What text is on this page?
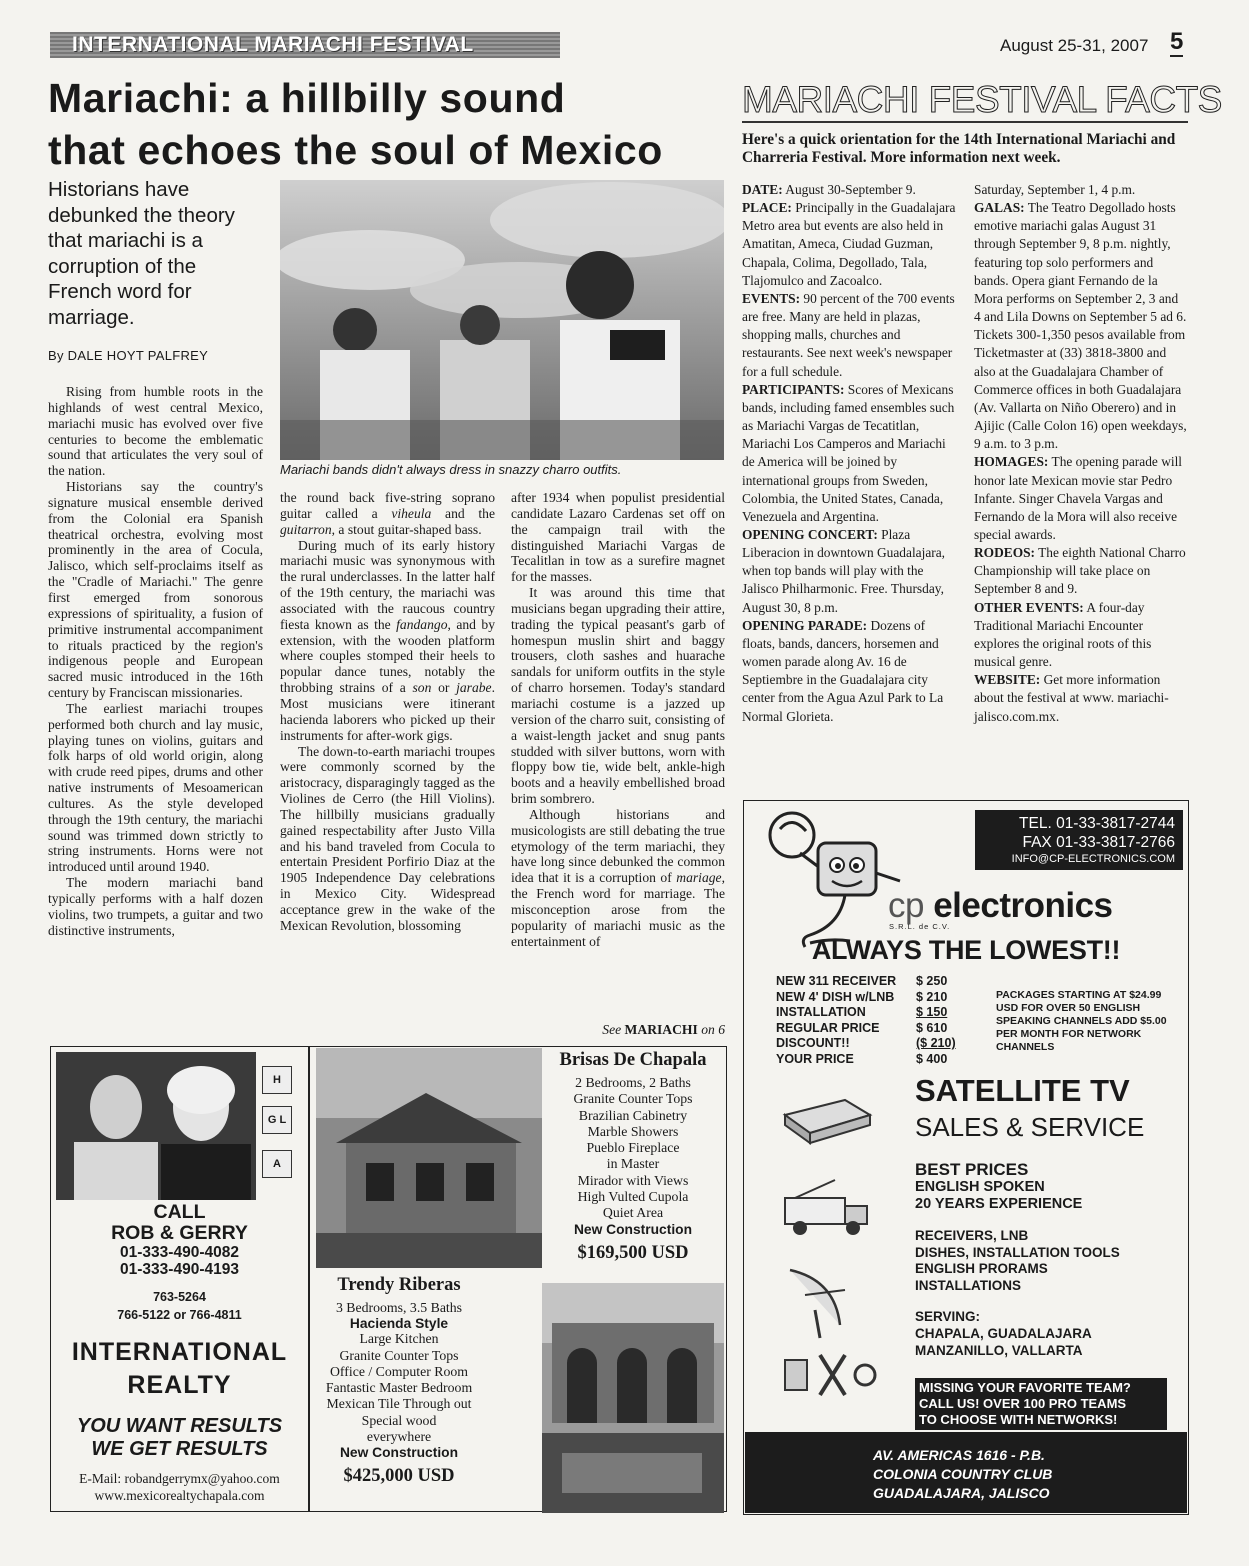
INTERNATIONAL MARIACHI FESTIVAL	August 25-31, 2007 5
Mariachi: a hillbilly sound
that echoes the soul of Mexico
Historians have debunked the theory that mariachi is a corruption of the French word for marriage.
By DALE HOYT PALFREY
Mariachi bands didn't always dress in snazzy charro outfits.

Rising from humble roots in the highlands of west central Mexico, mariachi music has evolved over five centuries to become the emblematic sound that articulates the very soul of the nation.

Historians say the country's signature musical ensemble derived from the Colonial era Spanish theatrical orchestra, evolving most prominently in the area of Cocula, Jalisco, which self-proclaims itself as the "Cradle of Mariachi." The genre first emerged from sonorous expressions of spirituality, a fusion of primitive instrumental accompaniment to rituals practiced by the region's indigenous people and European sacred music introduced in the 16th century by Franciscan missionaries.

The earliest mariachi troupes performed both church and lay music, playing tunes on violins, guitars and folk harps of old world origin, along with crude reed pipes, drums and other native instruments of Mesoamerican cultures. As the style developed through the 19th century, the mariachi sound was trimmed down strictly to string instruments. Horns were not introduced until around 1940.

The modern mariachi band typically performs with a half dozen violins, two trumpets, a guitar and two distinctive instruments,

the round back five-string soprano guitar called a viheula and the guitarron, a stout guitar-shaped bass.

During much of its early history mariachi music was synonymous with the rural underclasses. In the latter half of the 19th century, the mariachi was associated with the raucous country fiesta known as the fandango, and by extension, with the wooden platform where couples stomped their heels to popular dance tunes, notably the throbbing strains of a son or jarabe. Most musicians were itinerant hacienda laborers who picked up their instruments for after-work gigs.

The down-to-earth mariachi troupes were commonly scorned by the aristocracy, disparagingly tagged as the Violines de Cerro (the Hill Violins). The hillbilly musicians gradually gained respectability after Justo Villa and his band traveled from Cocula to entertain President Porfirio Diaz at the 1905 Independence Day celebrations in Mexico City. Widespread acceptance grew in the wake of the Mexican Revolution, blossoming

after 1934 when populist presidential candidate Lazaro Cardenas set off on the campaign trail with the distinguished Mariachi Vargas de Tecalitlan in tow as a surefire magnet for the masses.

It was around this time that musicians began upgrading their attire, trading the typical peasant's garb of homespun muslin shirt and baggy trousers, cloth sashes and huarache sandals for uniform outfits in the style of charro horsemen. Today's standard mariachi costume is a jazzed up version of the charro suit, consisting of a waist-length jacket and snug pants studded with silver buttons, worn with floppy bow tie, wide belt, ankle-high boots and a heavily embellished broad brim sombrero.

Although historians and musicologists are still debating the true etymology of the term mariachi, they have long since debunked the common idea that it is a corruption of mariage, the French word for marriage. The misconception arose from the popularity of mariachi music as the entertainment of

See MARIACHI on 6
MARIACHI FESTIVAL FACTS
Here's a quick orientation for the 14th International Mariachi and Charreria Festival. More information next week.

DATE: August 30-September 9.

PLACE: Principally in the Guadalajara Metro area but events are also held in Amatitan, Ameca, Ciudad Guzman, Chapala, Colima, Degollado, Tala, Tlajomulco and Zacoalco.

EVENTS: 90 percent of the 700 events are free. Many are held in plazas, shopping malls, churches and restaurants. See next week's newspaper for a full schedule.

PARTICIPANTS: Scores of Mexicans bands, including famed ensembles such as Mariachi Vargas de Tecatitlan, Mariachi Los Camperos and Mariachi de America will be joined by international groups from Sweden, Colombia, the United States, Canada, Venezuela and Argentina.

OPENING CONCERT: Plaza Liberacion in downtown Guadalajara, when top bands will play with the Jalisco Philharmonic. Free. Thursday, August 30, 8 p.m.

OPENING PARADE: Dozens of floats, bands, dancers, horsemen and women parade along Av. 16 de Septiembre in the Guadalajara city center from the Agua Azul Park to La Normal Glorieta.

Saturday, September 1, 4 p.m.

GALAS: The Teatro Degollado hosts emotive mariachi galas August 31 through September 9, 8 p.m. nightly, featuring top solo performers and bands. Opera giant Fernando de la Mora performs on September 2, 3 and 4 and Lila Downs on September 5 ad 6. Tickets 300-1,350 pesos available from Ticketmaster at (33) 3818-3800 and also at the Guadalajara Chamber of Commerce offices in both Guadalajara (Av. Vallarta on Niño Oberero) and in Ajijic (Calle Colon 16) open weekdays, 9 a.m. to 3 p.m.

HOMAGES: The opening parade will honor late Mexican movie star Pedro Infante. Singer Chavela Vargas and Fernando de la Mora will also receive special awards.

RODEOS: The eighth National Charro Championship will take place on September 8 and 9.

OTHER EVENTS: A four-day Traditional Mariachi Encounter explores the original roots of this musical genre.

WEBSITE: Get more information about the festival at www. mariachi-jalisco.com.mx.

H
G L
A
CALL
ROB & GERRY
01-333-490-4082
01-333-490-4193
763-5264
766-5122 or 766-4811
INTERNATIONAL
REALTY
YOU WANT RESULTS
WE GET RESULTS
E-Mail: robandgerrymx@yahoo.com
www.mexicorealtychapala.com
Brisas De Chapala
2 Bedrooms, 2 Baths
Granite Counter Tops
Brazilian Cabinetry
Marble Showers
Pueblo Fireplace
in Master
Mirador with Views
High Vulted Cupola
Quiet Area
New Construction
$169,500 USD
Trendy Riberas
3 Bedrooms, 3.5 Baths
Hacienda Style
Large Kitchen
Granite Counter Tops
Office / Computer Room
Fantastic Master Bedroom
Mexican Tile Through out
Special wood
everywhere
New Construction
$425,000 USD
TEL. 01-33-3817-2744
FAX 01-33-3817-2766
INFO@CP-ELECTRONICS.COM
cp electronics
S.R.L. de C.V.
ALWAYS THE LOWEST!!
NEW 311 RECEIVER	$ 250
NEW 4' DISH w/LNB	$ 210
INSTALLATION	$ 150
REGULAR PRICE	$ 610
DISCOUNT!!	($ 210)
YOUR PRICE	$ 400
PACKAGES STARTING AT $24.99 USD FOR OVER 50 ENGLISH SPEAKING CHANNELS ADD $5.00 PER MONTH FOR NETWORK CHANNELS
SATELLITE TV
SALES & SERVICE
BEST PRICES
ENGLISH SPOKEN
20 YEARS EXPERIENCE
RECEIVERS, LNB
DISHES, INSTALLATION TOOLS
ENGLISH PRORAMS
INSTALLATIONS
SERVING:
CHAPALA, GUADALAJARA
MANZANILLO, VALLARTA
MISSING YOUR FAVORITE TEAM?
CALL US! OVER 100 PRO TEAMS
TO CHOOSE WITH NETWORKS!
AV. AMERICAS 1616 - P.B.
COLONIA COUNTRY CLUB
GUADALAJARA, JALISCO
